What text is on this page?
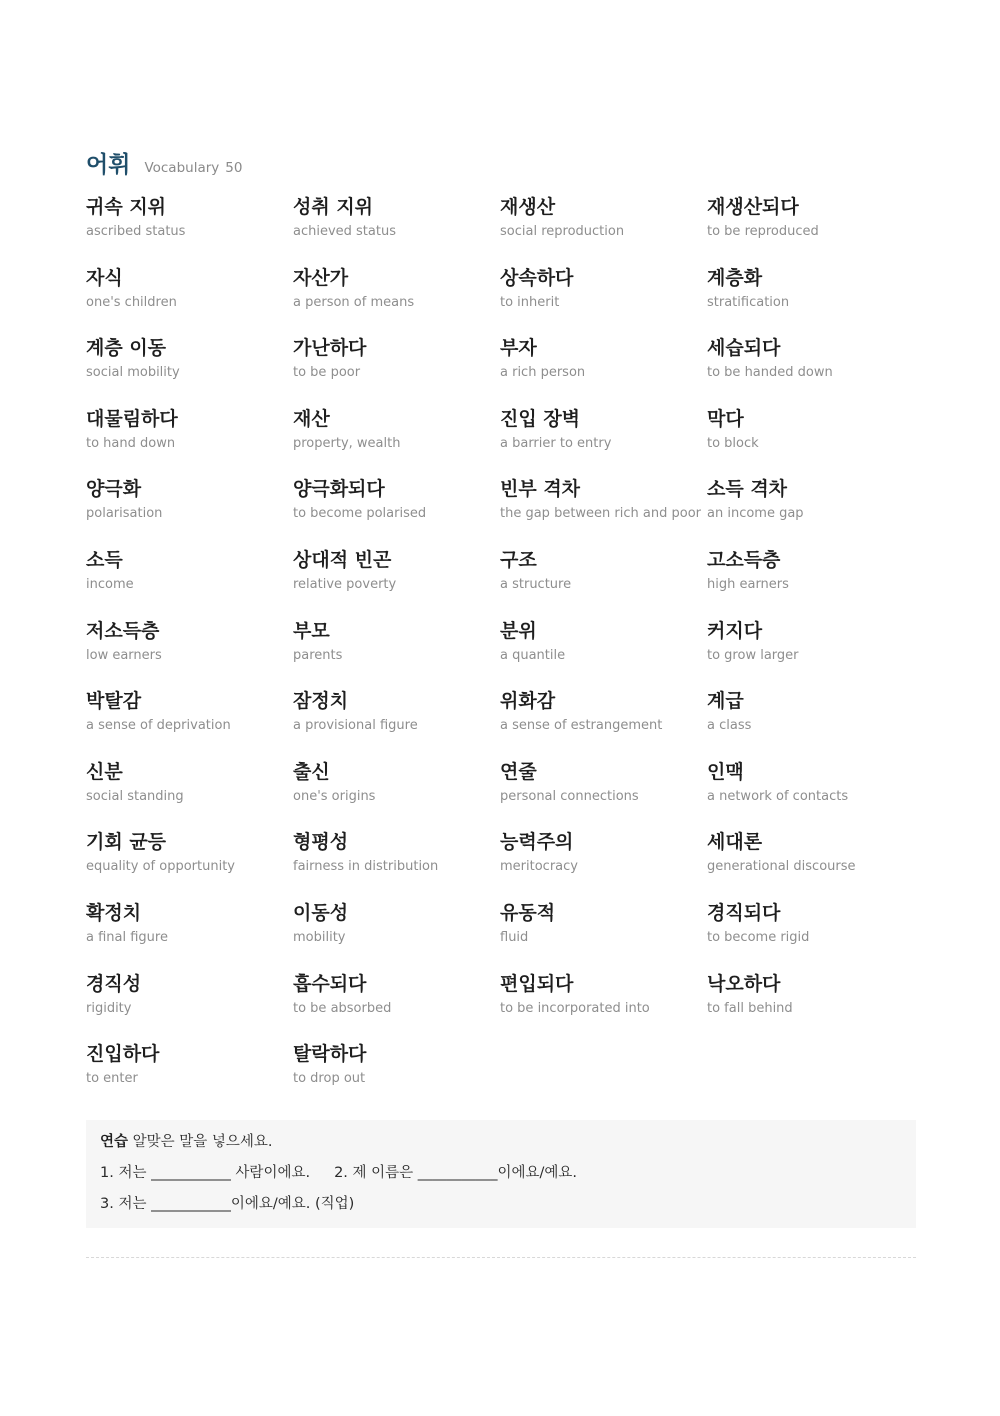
어휘 Vocabulary 50
귀속 지위
ascribed status
성취 지위
achieved status
재생산
social reproduction
재생산되다
to be reproduced
자식
one's children
자산가
a person of means
상속하다
to inherit
계층화
stratification
계층 이동
social mobility
가난하다
to be poor
부자
a rich person
세습되다
to be handed down
대물림하다
to hand down
재산
property, wealth
진입 장벽
a barrier to entry
막다
to block
양극화
polarisation
양극화되다
to become polarised
빈부 격차
the gap between rich and poor
소득 격차
an income gap
소득
income
상대적 빈곤
relative poverty
구조
a structure
고소득층
high earners
저소득층
low earners
부모
parents
분위
a quantile
커지다
to grow larger
박탈감
a sense of deprivation
잠정치
a provisional figure
위화감
a sense of estrangement
계급
a class
신분
social standing
출신
one's origins
연줄
personal connections
인맥
a network of contacts
기회 균등
equality of opportunity
형평성
fairness in distribution
능력주의
meritocracy
세대론
generational discourse
확정치
a final figure
이동성
mobility
유동적
fluid
경직되다
to become rigid
경직성
rigidity
흡수되다
to be absorbed
편입되다
to be incorporated into
낙오하다
to fall behind
진입하다
to enter
탈락하다
to drop out
연습 알맞은 말을 넣으세요.
1. 저는 ___________ 사람이에요. 2. 제 이름은 ___________이에요/예요.
3. 저는 ___________이에요/예요. (직업)
